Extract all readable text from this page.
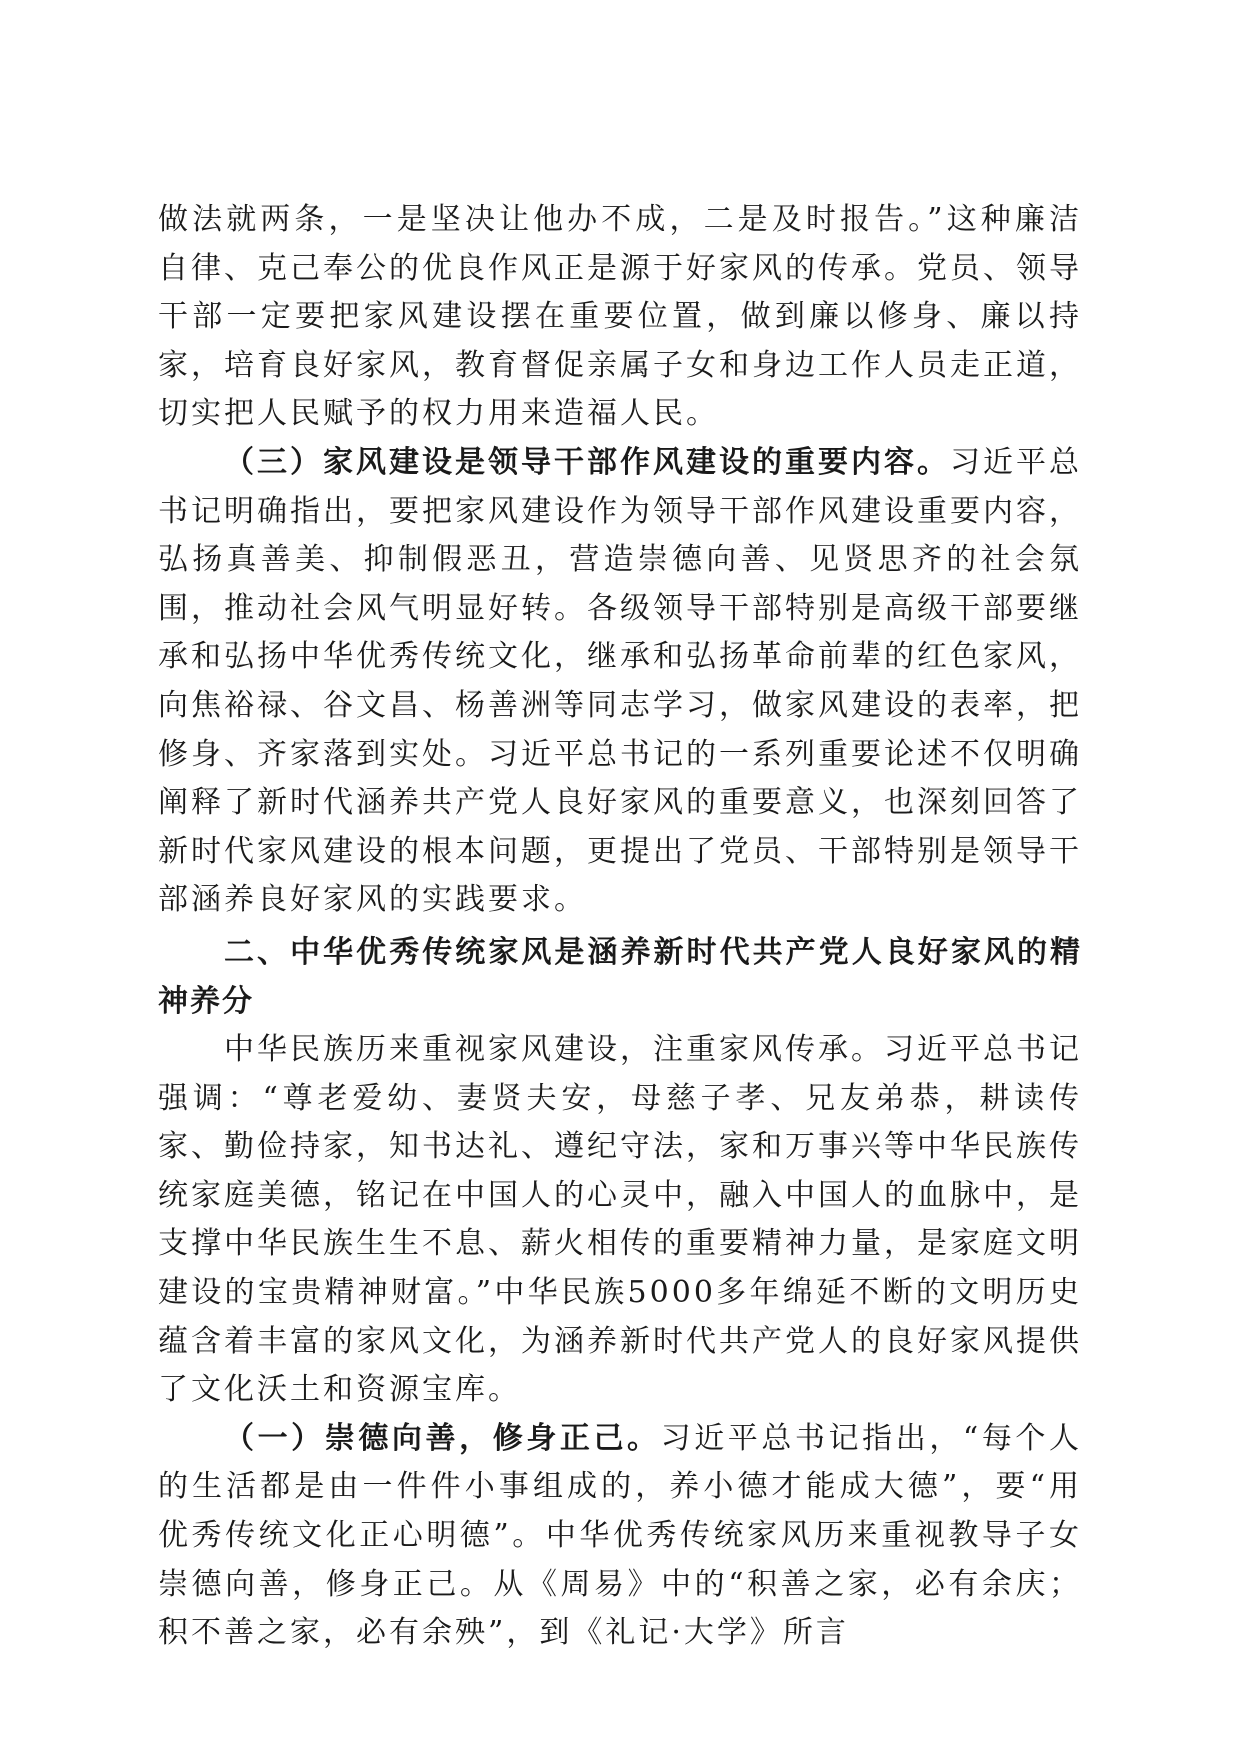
做法就两条，一是坚决让他办不成，二是及时报告。”这种廉洁自律、克己奉公的优良作风正是源于好家风的传承。党员、领导干部一定要把家风建设摆在重要位置，做到廉以修身、廉以持家，培育良好家风，教育督促亲属子女和身边工作人员走正道，切实把人民赋予的权力用来造福人民。

（三）家风建设是领导干部作风建设的重要内容。习近平总书记明确指出，要把家风建设作为领导干部作风建设重要内容，弘扬真善美、抑制假恶丑，营造崇德向善、见贤思齐的社会氛围，推动社会风气明显好转。各级领导干部特别是高级干部要继承和弘扬中华优秀传统文化，继承和弘扬革命前辈的红色家风，向焦裕禄、谷文昌、杨善洲等同志学习，做家风建设的表率，把修身、齐家落到实处。习近平总书记的一系列重要论述不仅明确阐释了新时代涵养共产党人良好家风的重要意义，也深刻回答了新时代家风建设的根本问题，更提出了党员、干部特别是领导干部涵养良好家风的实践要求。

二、中华优秀传统家风是涵养新时代共产党人良好家风的精神养分

中华民族历来重视家风建设，注重家风传承。习近平总书记强调：“尊老爱幼、妻贤夫安，母慈子孝、兄友弟恭，耕读传家、勤俭持家，知书达礼、遵纪守法，家和万事兴等中华民族传统家庭美德，铭记在中国人的心灵中，融入中国人的血脉中，是支撑中华民族生生不息、薪火相传的重要精神力量，是家庭文明建设的宝贵精神财富。”中华民族5000多年绵延不断的文明历史蕴含着丰富的家风文化，为涵养新时代共产党人的良好家风提供了文化沃土和资源宝库。

（一）崇德向善，修身正己。习近平总书记指出，“每个人的生活都是由一件件小事组成的，养小德才能成大德”，要“用优秀传统文化正心明德”。中华优秀传统家风历来重视教导子女崇德向善，修身正己。从《周易》中的“积善之家，必有余庆；积不善之家，必有余殃”，到《礼记·大学》所言
